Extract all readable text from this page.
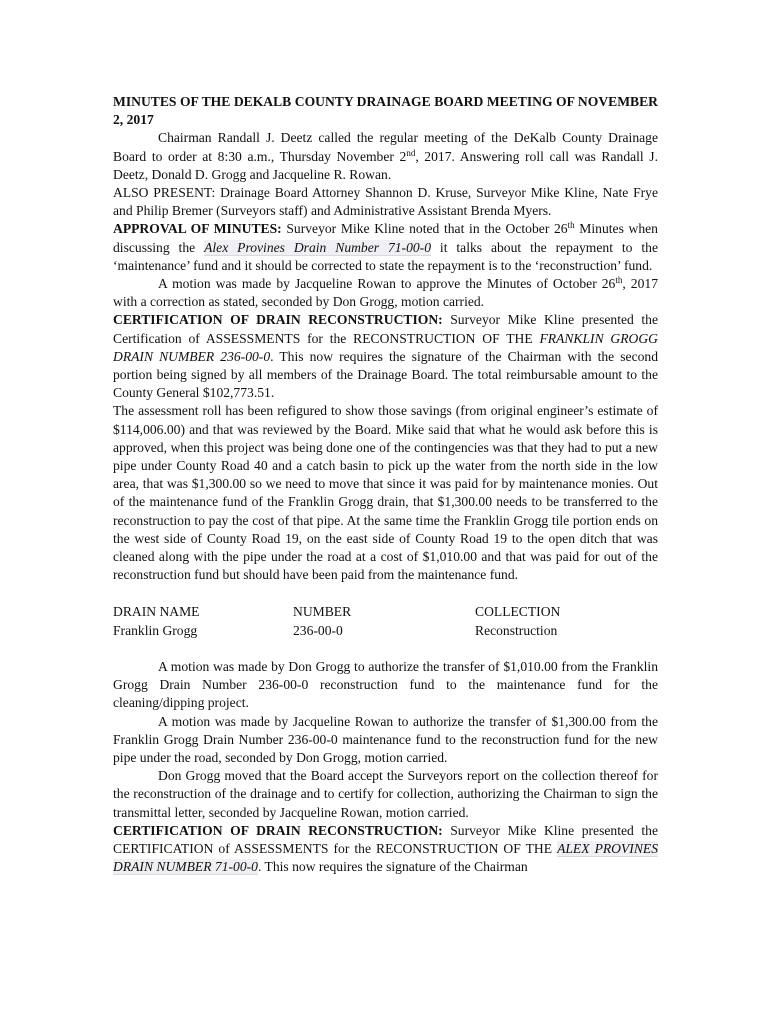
MINUTES OF THE DEKALB COUNTY DRAINAGE BOARD MEETING OF NOVEMBER 2, 2017

Chairman Randall J. Deetz called the regular meeting of the DeKalb County Drainage Board to order at 8:30 a.m., Thursday November 2nd, 2017. Answering roll call was Randall J. Deetz, Donald D. Grogg and Jacqueline R. Rowan.

ALSO PRESENT: Drainage Board Attorney Shannon D. Kruse, Surveyor Mike Kline, Nate Frye and Philip Bremer (Surveyors staff) and Administrative Assistant Brenda Myers.

APPROVAL OF MINUTES: Surveyor Mike Kline noted that in the October 26th Minutes when discussing the Alex Provines Drain Number 71-00-0 it talks about the repayment to the ‘maintenance’ fund and it should be corrected to state the repayment is to the ‘reconstruction’ fund.

A motion was made by Jacqueline Rowan to approve the Minutes of October 26th, 2017 with a correction as stated, seconded by Don Grogg, motion carried.

CERTIFICATION OF DRAIN RECONSTRUCTION: Surveyor Mike Kline presented the Certification of ASSESSMENTS for the RECONSTRUCTION OF THE FRANKLIN GROGG DRAIN NUMBER 236-00-0. This now requires the signature of the Chairman with the second portion being signed by all members of the Drainage Board. The total reimbursable amount to the County General $102,773.51.

The assessment roll has been refigured to show those savings (from original engineer’s estimate of $114,006.00) and that was reviewed by the Board. Mike said that what he would ask before this is approved, when this project was being done one of the contingencies was that they had to put a new pipe under County Road 40 and a catch basin to pick up the water from the north side in the low area, that was $1,300.00 so we need to move that since it was paid for by maintenance monies. Out of the maintenance fund of the Franklin Grogg drain, that $1,300.00 needs to be transferred to the reconstruction to pay the cost of that pipe. At the same time the Franklin Grogg tile portion ends on the west side of County Road 19, on the east side of County Road 19 to the open ditch that was cleaned along with the pipe under the road at a cost of $1,010.00 and that was paid for out of the reconstruction fund but should have been paid from the maintenance fund.

DRAIN NAME	NUMBER	COLLECTION
Franklin Grogg	236-00-0	Reconstruction

A motion was made by Don Grogg to authorize the transfer of $1,010.00 from the Franklin Grogg Drain Number 236-00-0 reconstruction fund to the maintenance fund for the cleaning/dipping project.

A motion was made by Jacqueline Rowan to authorize the transfer of $1,300.00 from the Franklin Grogg Drain Number 236-00-0 maintenance fund to the reconstruction fund for the new pipe under the road, seconded by Don Grogg, motion carried.

Don Grogg moved that the Board accept the Surveyors report on the collection thereof for the reconstruction of the drainage and to certify for collection, authorizing the Chairman to sign the transmittal letter, seconded by Jacqueline Rowan, motion carried.

CERTIFICATION OF DRAIN RECONSTRUCTION: Surveyor Mike Kline presented the CERTIFICATION of ASSESSMENTS for the RECONSTRUCTION OF THE ALEX PROVINES DRAIN NUMBER 71-00-0. This now requires the signature of the Chairman
